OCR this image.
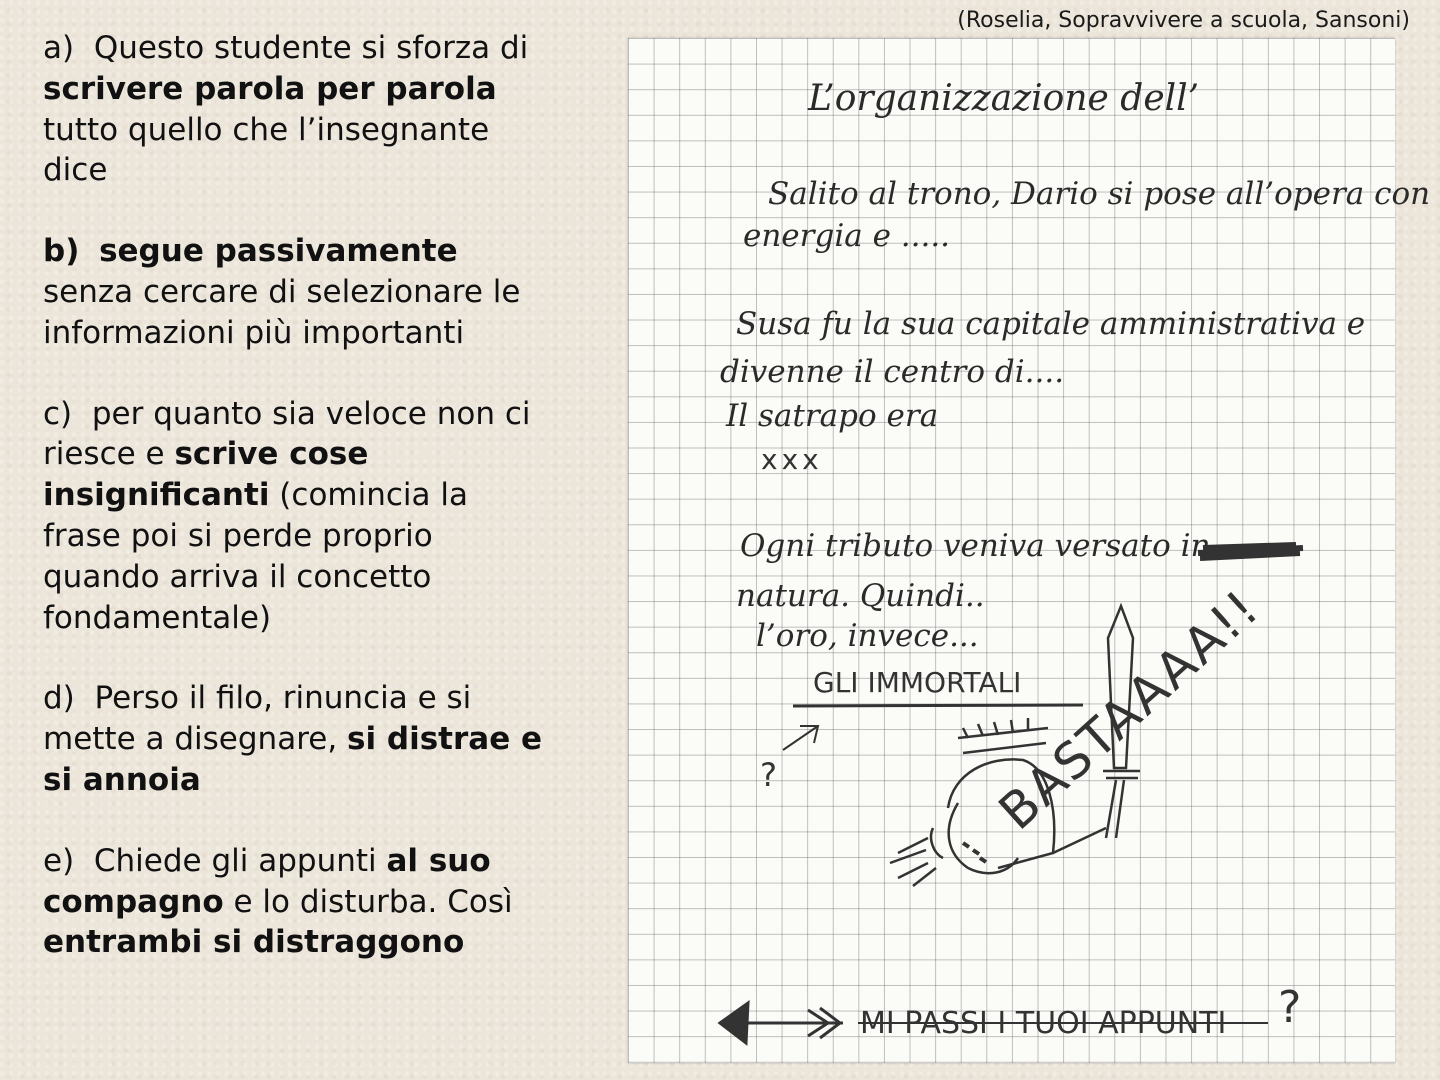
(Roselia, Sopravvivere a scuola, Sansoni)
a) Questo studente si sforza di scrivere parola per parola tutto quello che l’insegnante dice
b) segue passivamente senza cercare di selezionare le informazioni più importanti
c) per quanto sia veloce non ci riesce e scrive cose insignificanti (comincia la frase poi si perde proprio quando arriva il concetto fondamentale)
d) Perso il filo, rinuncia e si mette a disegnare, si distrae e si annoia
e) Chiede gli appunti al suo compagno e lo disturba. Così entrambi si distraggono
L’organizzazione dell’
Salito al trono, Dario si pose all’opera con
energia e .....
Susa fu la sua capitale amministrativa e
divenne il centro di....
Il satrapo era
xxx
Ogni tributo veniva versato in
natura. Quindi..
l’oro, invece...
GLI IMMORTALI
?	BASTAAAA!!
MI PASSI I TUOI APPUNTI ?
